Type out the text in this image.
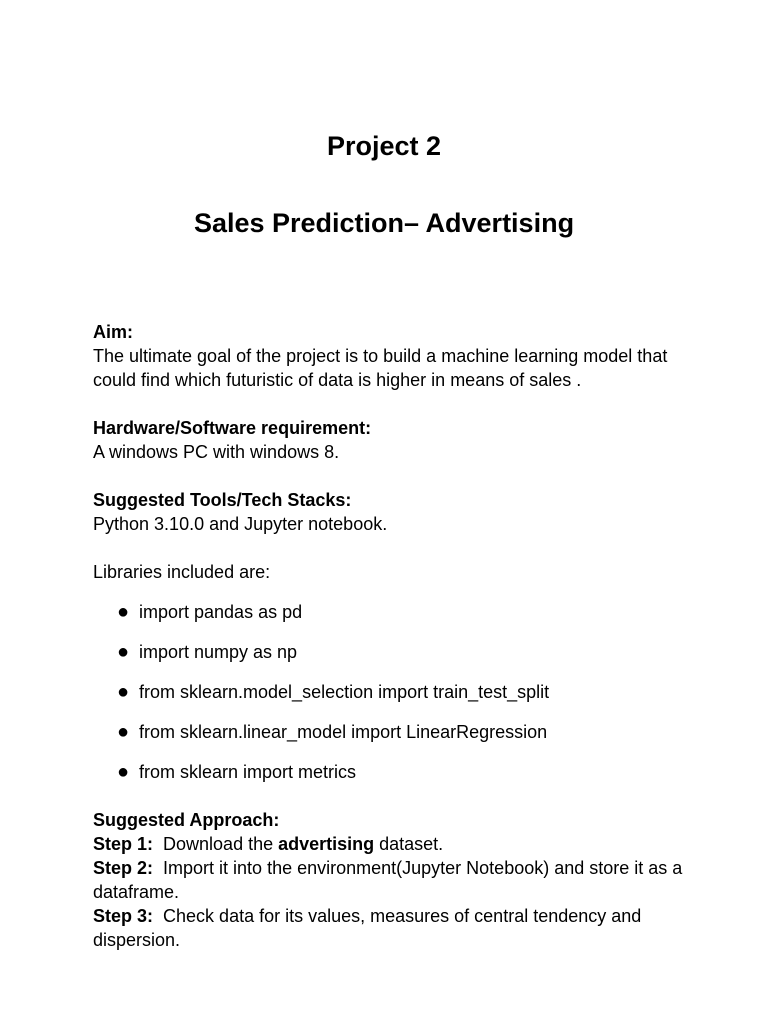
Project 2
Sales Prediction– Advertising

Aim:

The ultimate goal of the project is to build a machine learning model that could find which futuristic of data is higher in means of sales .

Hardware/Software requirement:

A windows PC with windows 8.

Suggested Tools/Tech Stacks:

Python 3.10.0 and Jupyter notebook.

Libraries included are:

● import pandas as pd
● import numpy as np
● from sklearn.model_selection import train_test_split
● from sklearn.linear_model import LinearRegression
● from sklearn import metrics

Suggested Approach:

Step 1: Download the advertising dataset.

Step 2: Import it into the environment(Jupyter Notebook) and store it as a dataframe.

Step 3: Check data for its values, measures of central tendency and dispersion.
